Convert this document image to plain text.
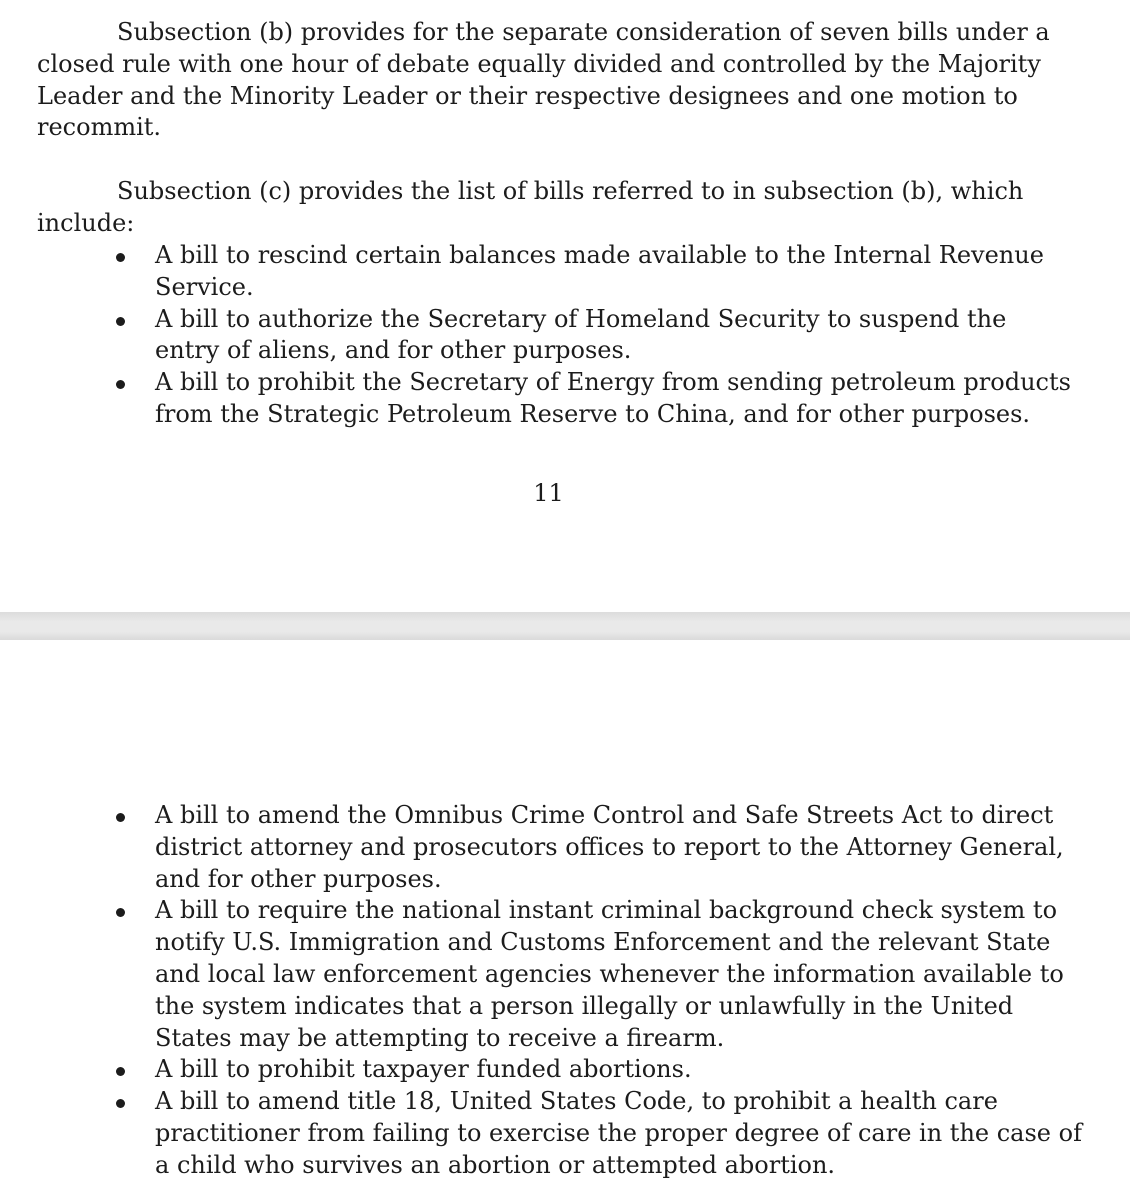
Subsection (b) provides for the separate consideration of seven bills under a
closed rule with one hour of debate equally divided and controlled by the Majority
Leader and the Minority Leader or their respective designees and one motion to
recommit.

Subsection (c) provides the list of bills referred to in subsection (b), which
include:

A bill to rescind certain balances made available to the Internal Revenue
Service.
A bill to authorize the Secretary of Homeland Security to suspend the
entry of aliens, and for other purposes.
A bill to prohibit the Secretary of Energy from sending petroleum products
from the Strategic Petroleum Reserve to China, and for other purposes.
11
A bill to amend the Omnibus Crime Control and Safe Streets Act to direct
district attorney and prosecutors offices to report to the Attorney General,
and for other purposes.
A bill to require the national instant criminal background check system to
notify U.S. Immigration and Customs Enforcement and the relevant State
and local law enforcement agencies whenever the information available to
the system indicates that a person illegally or unlawfully in the United
States may be attempting to receive a firearm.
A bill to prohibit taxpayer funded abortions.
A bill to amend title 18, United States Code, to prohibit a health care
practitioner from failing to exercise the proper degree of care in the case of
a child who survives an abortion or attempted abortion.
